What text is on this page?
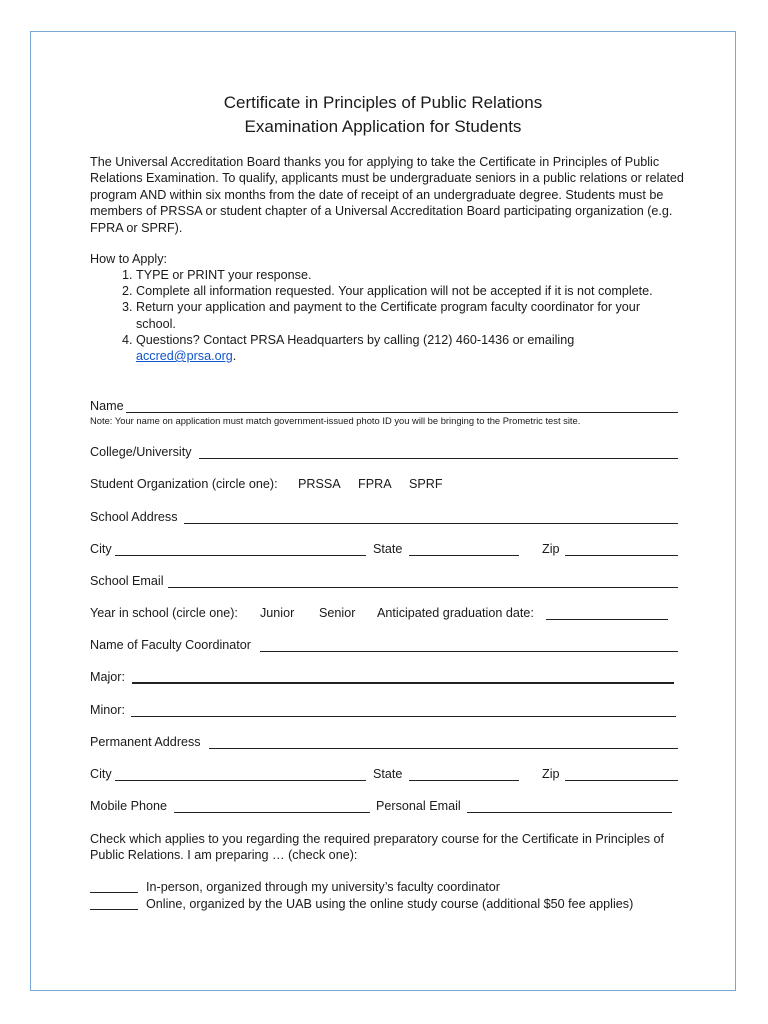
Certificate in Principles of Public Relations
Examination Application for Students
The Universal Accreditation Board thanks you for applying to take the Certificate in Principles of Public Relations Examination. To qualify, applicants must be undergraduate seniors in a public relations or related program AND within six months from the date of receipt of an undergraduate degree. Students must be members of PRSSA or student chapter of a Universal Accreditation Board participating organization (e.g. FPRA or SPRF).
How to Apply:
1. TYPE or PRINT your response.
2. Complete all information requested. Your application will not be accepted if it is not complete.
3. Return your application and payment to the Certificate program faculty coordinator for your school.
4. Questions? Contact PRSA Headquarters by calling (212) 460-1436 or emailing
accred@prsa.org.
Name
Note: Your name on application must match government-issued photo ID you will be bringing to the Prometric test site.
College/University
Student Organization (circle one): PRSSA FPRA SPRF
School Address
City	State	Zip
School Email
Year in school (circle one): Junior Senior Anticipated graduation date:
Name of Faculty Coordinator
Major:
Minor:
Permanent Address
City	State	Zip
Mobile Phone	Personal Email
Check which applies to you regarding the required preparatory course for the Certificate in Principles of Public Relations. I am preparing … (check one):
In-person, organized through my university’s faculty coordinator
Online, organized by the UAB using the online study course (additional $50 fee applies)
